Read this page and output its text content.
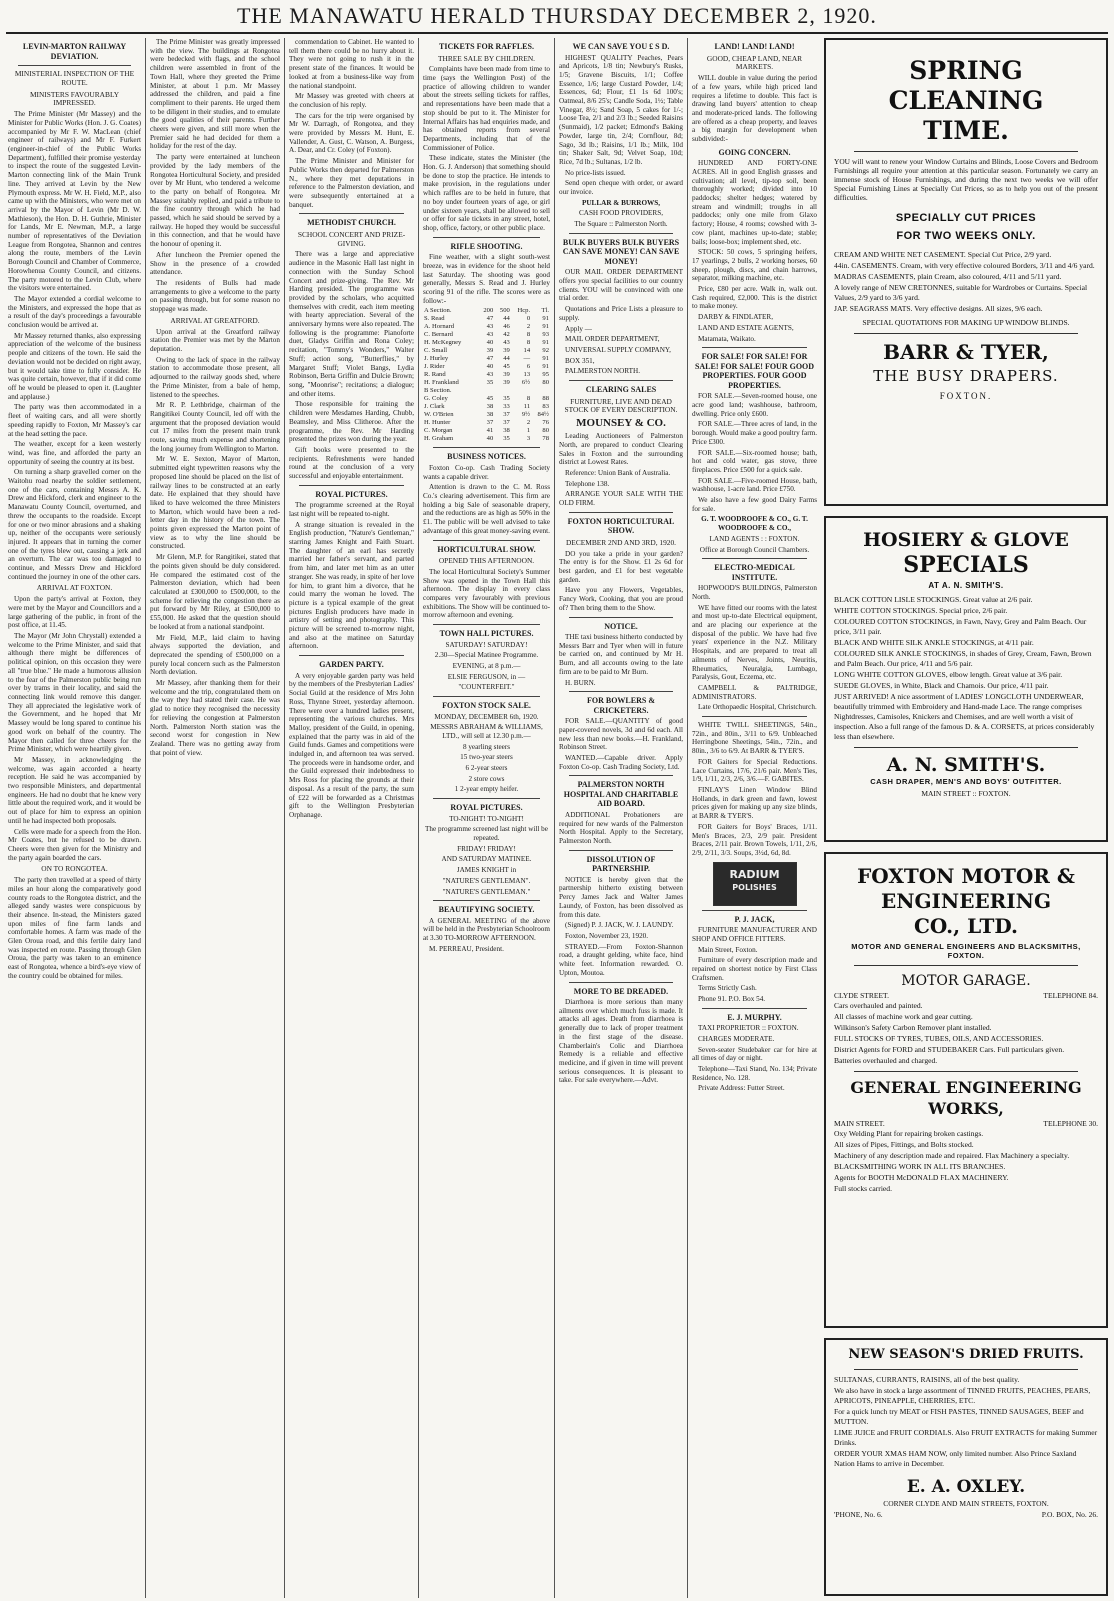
THE MANAWATU HERALD THURSDAY DECEMBER 2, 1920.
LEVIN-MARTON RAILWAY DEVIATION.
MINISTERIAL INSPECTION OF THE ROUTE.
MINISTERS FAVOURABLY IMPRESSED.

The Prime Minister (Mr Massey) and the Minister for Public Works (Hon. J. G. Coates) accompanied by Mr F. W. MacLean (chief engineer of railways) and Mr F. Furkert (engineer-in-chief of the Public Works Department), fulfilled their promise yesterday to inspect the route of the suggested Levin-Marton connecting link of the Main Trunk line. They arrived at Levin by the New Plymouth express. Mr W. H. Field, M.P., also came up with the Ministers, who were met on arrival by the Mayor of Levin (Mr D. W. Mathieson), the Hon. D. H. Guthrie, Minister for Lands, Mr E. Newman, M.P., a large number of representatives of the Deviation League from Rongotea, Shannon and centres along the route, members of the Levin Borough Council and Chamber of Commerce, Horowhenua County Council, and citizens. The party motored to the Levin Club, where the visitors were entertained.

The Mayor extended a cordial welcome to the Ministers, and expressed the hope that as a result of the day's proceedings a favourable conclusion would be arrived at.

Mr Massey returned thanks, also expressing appreciation of the welcome of the business people and citizens of the town. He said the deviation would not be decided on right away, but it would take time to fully consider. He was quite certain, however, that if it did come off he would be pleased to open it. (Laughter and applause.)

The party was then accommodated in a fleet of waiting cars, and all were shortly speeding rapidly to Foxton, Mr Massey's car at the head setting the pace.

The weather, except for a keen westerly wind, was fine, and afforded the party an opportunity of seeing the country at its best.

On turning a sharp gravelled corner on the Waitohu road nearby the soldier settlement, one of the cars, containing Messrs A. K. Drew and Hickford, clerk and engineer to the Manawatu County Council, overturned, and threw the occupants to the roadside. Except for one or two minor abrasions and a shaking up, neither of the occupants were seriously injured. It appears that in turning the corner one of the tyres blew out, causing a jerk and an overturn. The car was too damaged to continue, and Messrs Drew and Hickford continued the journey in one of the other cars.

ARRIVAL AT FOXTON.

Upon the party's arrival at Foxton, they were met by the Mayor and Councillors and a large gathering of the public, in front of the post office, at 11.45.

The Mayor (Mr John Chrystall) extended a welcome to the Prime Minister, and said that although there might be differences of political opinion, on this occasion they were all "true blue." He made a humorous allusion to the fear of the Palmerston public being run over by trams in their locality, and said the connecting link would remove this danger. They all appreciated the legislative work of the Government, and he hoped that Mr Massey would be long spared to continue his good work on behalf of the country. The Mayor then called for three cheers for the Prime Minister, which were heartily given.

Mr Massey, in acknowledging the welcome, was again accorded a hearty reception. He said he was accompanied by two responsible Ministers, and departmental engineers. He had no doubt that he knew very little about the required work, and it would be out of place for him to express an opinion until he had inspected both proposals.

Cells were made for a speech from the Hon. Mr Coates, but he refused to be drawn. Cheers were then given for the Ministry and the party again boarded the cars.

ON TO RONGOTEA.

The party then travelled at a speed of thirty miles an hour along the comparatively good county roads to the Rongotea district, and the alleged sandy wastes were conspicuous by their absence. In-stead, the Ministers gazed upon miles of fine farm lands and comfortable homes. A farm was made of the Glen Oroua road, and this fertile dairy land was inspected en route. Passing through Glen Oroua, the party was taken to an eminence east of Rongotea, whence a bird's-eye view of the country could be obtained for miles.

The Prime Minister was greatly impressed with the view. The buildings at Rongotea were bedecked with flags, and the school children were assembled in front of the Town Hall, where they greeted the Prime Minister, at about 1 p.m. Mr Massey addressed the children, and paid a fine compliment to their parents. He urged them to be diligent in their studies, and to emulate the good qualities of their parents. Further cheers were given, and still more when the Premier said he had decided for them a holiday for the rest of the day.

The party were entertained at luncheon provided by the lady members of the Rongotea Horticultural Society, and presided over by Mr Hunt, who tendered a welcome to the party on behalf of Rongotea. Mr Massey suitably replied, and paid a tribute to the fine country through which he had passed, which he said should be served by a railway. He hoped they would be successful in this connection, and that he would have the honour of opening it.

After luncheon the Premier opened the Show in the presence of a crowded attendance.

The residents of Bulls had made arrangements to give a welcome to the party on passing through, but for some reason no stoppage was made.

ARRIVAL AT GREATFORD.

Upon arrival at the Greatford railway station the Premier was met by the Marton deputation.

Owing to the lack of space in the railway station to accommodate those present, all adjourned to the railway goods shed, where the Prime Minister, from a bale of hemp, listened to the speeches.

Mr R. P. Lethbridge, chairman of the Rangitikei County Council, led off with the argument that the proposed deviation would cut 17 miles from the present main trunk route, saving much expense and shortening the long journey from Wellington to Marton.

Mr W. E. Sexton, Mayor of Marton, submitted eight typewritten reasons why the proposed line should be placed on the list of railway lines to be constructed at an early date. He explained that they should have liked to have welcomed the three Ministers to Marton, which would have been a red-letter day in the history of the town. The points given expressed the Marton point of view as to why the line should be constructed.

Mr Glenn, M.P. for Rangitikei, stated that the points given should be duly considered. He compared the estimated cost of the Palmerston deviation, which had been calculated at £300,000 to £500,000, to the scheme for relieving the congestion there as put forward by Mr Riley, at £500,000 to £55,000. He asked that the question should be looked at from a national standpoint.

Mr Field, M.P., laid claim to having always supported the deviation, and deprecated the spending of £500,000 on a purely local concern such as the Palmerston North deviation.

Mr Massey, after thanking them for their welcome and the trip, congratulated them on the way they had stated their case. He was glad to notice they recognised the necessity for relieving the congestion at Palmerston North. Palmerston North station was the second worst for congestion in New Zealand. There was no getting away from that point of view.

commendation to Cabinet. He wanted to tell them there could be no hurry about it. They were not going to rush it in the present state of the finances. It would be looked at from a business-like way from the national standpoint.

Mr Massey was greeted with cheers at the conclusion of his reply.

The cars for the trip were organised by Mr W. Darragh, of Rongotea, and they were provided by Messrs M. Hunt, E. Vallender, A. Gust, C. Watson, A. Burgess, A. Dear, and Cr. Coley (of Foxton).

The Prime Minister and Minister for Public Works then departed for Palmerston N., where they met deputations in reference to the Palmerston deviation, and were subsequently entertained at a banquet.

METHODIST CHURCH.
SCHOOL CONCERT AND PRIZE-GIVING.

There was a large and appreciative audience in the Masonic Hall last night in connection with the Sunday School Concert and prize-giving. The Rev. Mr Harding presided. The programme was provided by the scholars, who acquitted themselves with credit, each item meeting with hearty appreciation. Several of the anniversary hymns were also repeated. The following is the programme: Pianoforte duet, Gladys Griffin and Rona Coley; recitation, "Tommy's Wonders," Walter Stuff; action song, "Butterflies," by Margaret Stuff; Violet Bangs, Lydia Robinson, Berta Griffin and Dulcie Brown; song, "Moonrise"; recitations; a dialogue; and other items.

Those responsible for training the children were Mesdames Harding, Chubb, Beamsley, and Miss Clitheroe. After the programme, the Rev. Mr Harding presented the prizes won during the year.

Gift books were presented to the recipients. Refreshments were handed round at the conclusion of a very successful and enjoyable entertainment.

ROYAL PICTURES.

The programme screened at the Royal last night will be repeated to-night.

A strange situation is revealed in the English production, "Nature's Gentleman," starring James Knight and Faith Stuart. The daughter of an earl has secretly married her father's servant, and parted from him, and later met him as an utter stranger. She was ready, in spite of her love for him, to grant him a divorce, that he could marry the woman he loved. The picture is a typical example of the great pictures English producers have made in artistry of setting and photography. This picture will be screened to-morrow night, and also at the matinee on Saturday afternoon.

GARDEN PARTY.

A very enjoyable garden party was held by the members of the Presbyterian Ladies' Social Guild at the residence of Mrs John Ross, Thynne Street, yesterday afternoon. There were over a hundred ladies present, representing the various churches. Mrs Malloy, president of the Guild, in opening, explained that the party was in aid of the Guild funds. Games and competitions were indulged in, and afternoon tea was served. The proceeds were in handsome order, and the Guild expressed their indebtedness to Mrs Ross for placing the grounds at their disposal. As a result of the party, the sum of £22 will be forwarded as a Christmas gift to the Wellington Presbyterian Orphanage.

TICKETS FOR RAFFLES.
THREE SALE BY CHILDREN.

Complaints have been made from time to time (says the Wellington Post) of the practice of allowing children to wander about the streets selling tickets for raffles, and representations have been made that a stop should be put to it. The Minister for Internal Affairs has had enquiries made, and has obtained reports from several Departments, including that of the Commissioner of Police.

These indicate, states the Minister (the Hon. G. J. Anderson) that something should be done to stop the practice. He intends to make provision, in the regulations under which raffles are to be held in future, that no boy under fourteen years of age, or girl under sixteen years, shall be allowed to sell or offer for sale tickets in any street, hotel, shop, office, factory, or other public place.

RIFLE SHOOTING.

Fine weather, with a slight south-west breeze, was in evidence for the shoot held last Saturday. The shooting was good generally, Messrs S. Read and J. Hurley scoring 91 of the rifle. The scores were as follow:-

A Section.	200	500	Hcp.	Tl.
S. Read	47	44	0	91
A. Hornard	43	46	2	91
C. Bernard	43	42	8	93
H. McKegney	40	43	8	91
C. Small	39	39	14	92
J. Hurley	47	44	—	91
J. Rider	40	45	6	91
R. Rand	43	39	13	95
H. Frankland	35	39	6½	80
B Section.				
G. Coley	45	35	8	88
J. Clark	38	33	11	83
W. O'Brien	38	37	9½	84½
H. Hunter	37	37	2	76
C. Morgan	41	38	1	80
H. Graham	40	35	3	78
BUSINESS NOTICES.

Foxton Co-op. Cash Trading Society wants a capable driver.

Attention is drawn to the C. M. Ross Co.'s clearing advertisement. This firm are holding a big Sale of seasonable drapery, and the reductions are as high as 50% in the £1. The public will be well advised to take advantage of this great money-saving event.

HORTICULTURAL SHOW.
OPENED THIS AFTERNOON.

The local Horticultural Society's Summer Show was opened in the Town Hall this afternoon. The display in every class compares very favourably with previous exhibitions. The Show will be continued to-morrow afternoon and evening.

TOWN HALL PICTURES.

SATURDAY! SATURDAY!

2.30—Special Matinee Programme.

EVENING, at 8 p.m.—

ELSIE FERGUSON, in —

"COUNTERFEIT."

FOXTON STOCK SALE.

MONDAY, DECEMBER 6th, 1920.

MESSRS ABRAHAM & WILLIAMS, LTD., will sell at 12.30 p.m.—

8 yearling steers

15 two-year steers

6 2-year steers

2 store cows

1 2-year empty heifer.

ROYAL PICTURES.

TO-NIGHT! TO-NIGHT!

The programme screened last night will be repeated.

FRIDAY! FRIDAY!

AND SATURDAY MATINEE.

JAMES KNIGHT in

"NATURE'S GENTLEMAN".

"NATURE'S GENTLEMAN."

BEAUTIFYING SOCIETY.

A GENERAL MEETING of the above will be held in the Presbyterian Schoolroom at 3.30 TO-MORROW AFTERNOON.

M. PERREAU, President.

WE CAN SAVE YOU £ S D.

HIGHEST QUALITY Peaches, Pears and Apricots, 1/8 tin; Newbury's Rusks, 1/5; Gravene Biscuits, 1/1; Coffee Essence, 1/6; large Custard Powder, 1/4; Essences, 6d; Flour, £1 1s 6d 100's; Oatmeal, 8/6 25's; Candle Soda, 1½; Table Vinegar, 8½; Sand Soap, 5 cakes for 1/-; Loose Tea, 2/1 and 2/3 lb.; Seeded Raisins (Sunmaid), 1/2 packet; Edmond's Baking Powder, large tin, 2/4; Cornflour, 8d; Sago, 3d lb.; Raisins, 1/1 lb.; Milk, 10d tin; Shaker Salt, 9d; Velvet Soap, 10d; Rice, 7d lb.; Sultanas, 1/2 lb.

No price-lists issued.

Send open cheque with order, or award our invoice.

PULLAR & BURROWS,

CASH FOOD PROVIDERS,

The Square :: Palmerston North.

BULK BUYERS BULK BUYERS CAN SAVE MONEY! CAN SAVE MONEY!

OUR MAIL ORDER DEPARTMENT offers you special facilities to our country clients. YOU will be convinced with one trial order.

Quotations and Price Lists a pleasure to supply.

Apply —

MAIL ORDER DEPARTMENT,

UNIVERSAL SUPPLY COMPANY,

BOX 351,

PALMERSTON NORTH.

CLEARING SALES
FURNITURE, LIVE AND DEAD STOCK OF EVERY DESCRIPTION.

MOUNSEY & CO.

Leading Auctioneers of Palmerston North, are prepared to conduct Clearing Sales in Foxton and the surrounding district at Lowest Rates.

Reference: Union Bank of Australia.

Telephone 138.

ARRANGE YOUR SALE WITH THE OLD FIRM.

FOXTON HORTICULTURAL SHOW.
DECEMBER 2ND AND 3RD, 1920.

DO you take a pride in your garden? The entry is for the Show. £1 2s 6d for best garden, and £1 for best vegetable garden.

Have you any Flowers, Vegetables, Fancy Work, Cooking, that you are proud of? Then bring them to the Show.

NOTICE.

THE taxi business hitherto conducted by Messrs Barr and Tyer when will in future be carried on, and continued by Mr H. Burn, and all accounts owing to the late firm are to be paid to Mr Burn.

H. BURN.

FOR BOWLERS & CRICKETERS.

FOR SALE.—QUANTITY of good paper-covered novels, 3d and 6d each. All new less than new books.—H. Frankland, Robinson Street.

WANTED.—Capable driver. Apply Foxton Co-op. Cash Trading Society, Ltd.

PALMERSTON NORTH HOSPITAL AND CHARITABLE AID BOARD.

ADDITIONAL Probationers are required for new wards of the Palmerston North Hospital. Apply to the Secretary, Palmerston North.

DISSOLUTION OF PARTNERSHIP.

NOTICE is hereby given that the partnership hitherto existing between Percy James Jack and Walter James Laundy, of Foxton, has been dissolved as from this date.

(Signed) P. J. JACK, W. J. LAUNDY.

Foxton, November 23, 1920.

STRAYED.—From Foxton-Shannon road, a draught gelding, white face, hind white feet. Information rewarded. O. Upton, Moutoa.

MORE TO BE DREADED.

Diarrhoea is more serious than many ailments over which much fuss is made. It attacks all ages. Death from diarrhoea is generally due to lack of proper treatment in the first stage of the disease. Chamberlain's Colic and Diarrhoea Remedy is a reliable and effective medicine, and if given in time will prevent serious consequences. It is pleasant to take. For sale everywhere.—Advt.

LAND! LAND! LAND!
GOOD, CHEAP LAND, NEAR MARKETS.

WILL double in value during the period of a few years, while high priced land requires a lifetime to double. This fact is drawing land buyers' attention to cheap and moderate-priced lands. The following are offered as a cheap property, and leaves a big margin for development when subdivided:-

GOING CONCERN.

HUNDRED AND FORTY-ONE ACRES. All in good English grasses and cultivation; all level, tip-top soil, been thoroughly worked; divided into 10 paddocks; shelter hedges; watered by stream and windmill; troughs in all paddocks; only one mile from Glaxo factory; House, 4 rooms; cowshed with 3-cow plant, machines up-to-date; stable; bails; loose-box; implement shed, etc.

STOCK: 50 cows, 5 springing heifers, 17 yearlings, 2 bulls, 2 working horses, 60 sheep, plough, discs, and chain harrows, separator, milking machine, etc.

Price, £80 per acre. Walk in, walk out. Cash required, £2,000. This is the district to make money.

DARBY & FINDLATER,

LAND AND ESTATE AGENTS,

Matamata, Waikato.

FOR SALE! FOR SALE! FOR SALE! FOR SALE! FOUR GOOD PROPERTIES. FOUR GOOD PROPERTIES.

FOR SALE.—Seven-roomed house, one acre good land; washhouse, bathroom, dwelling. Price only £600.

FOR SALE.—Three acres of land, in the borough. Would make a good poultry farm. Price £300.

FOR SALE.—Six-roomed house; bath, hot and cold water, gas stove, three fireplaces. Price £500 for a quick sale.

FOR SALE.—Five-roomed House, bath, washhouse, 1-acre land. Price £750.

We also have a few good Dairy Farms for sale.

G. T. WOODROOFE & CO., G. T. WOODROOFE & CO.,

LAND AGENTS : : FOXTON.

Office at Borough Council Chambers.

ELECTRO-MEDICAL INSTITUTE.

HOPWOOD'S BUILDINGS, Palmerston North.

WE have fitted our rooms with the latest and most up-to-date Electrical equipment, and are placing our experience at the disposal of the public. We have had five years' experience in the N.Z. Military Hospitals, and are prepared to treat all ailments of Nerves, Joints, Neuritis, Rheumatics, Neuralgia, Lumbago, Paralysis, Gout, Eczema, etc.

CAMPBELL & PALTRIDGE, ADMINISTRATORS.

Late Orthopaedic Hospital, Christchurch.

WHITE TWILL SHEETINGS, 54in., 72in., and 80in., 3/11 to 6/9. Unbleached Herringbone Sheetings, 54in., 72in., and 80in., 3/6 to 6/9. At BARR & TYER'S.

FOR Gaiters for Special Reductions. Lace Curtains, 17/6, 21/6 pair. Men's Ties, 1/9, 1/11, 2/3, 2/6, 3/6.—F. GABITES.

FINLAY'S Linen Window Blind Hollands, in dark green and fawn, lowest prices given for making up any size blinds, at BARR & TYER'S.

FOR Gaiters for Boys' Braces, 1/11. Men's Braces, 2/3, 2/9 pair. President Braces, 2/11 pair. Brown Towels, 1/11, 2/6, 2/9, 2/11, 3/3. Soups, 3½d, 6d, 8d.

RADIUM
POLISHES
P. J. JACK,

FURNITURE MANUFACTURER AND SHOP AND OFFICE FITTERS.

Main Street, Foxton.

Furniture of every description made and repaired on shortest notice by First Class Craftsmen.

Terms Strictly Cash.

Phone 91. P.O. Box 54.

E. J. MURPHY.

TAXI PROPRIETOR :: FOXTON.

CHARGES MODERATE.

Seven-seater Studebaker car for hire at all times of day or night.

Telephone—Taxi Stand, No. 134; Private Residence, No. 128.

Private Address: Futter Street.

SPRING CLEANING
TIME.
YOU will want to renew your Window Curtains and Blinds, Loose Covers and Bedroom Furnishings all require your attention at this particular season. Fortunately we carry an immense stock of House Furnishings, and during the next two weeks we will offer Special Furnishing Lines at Specially Cut Prices, so as to help you out of the present difficulties.
SPECIALLY CUT PRICES
FOR TWO WEEKS ONLY.
CREAM AND WHITE NET CASEMENT. Special Cut Price, 2/9 yard.
44in. CASEMENTS. Cream, with very effective coloured Borders, 3/11 and 4/6 yard.
MADRAS CASEMENTS, plain Cream, also coloured, 4/11 and 5/11 yard.
A lovely range of NEW CRETONNES, suitable for Wardrobes or Curtains. Special Values, 2/9 yard to 3/6 yard.
JAP. SEAGRASS MATS. Very effective designs. All sizes, 9/6 each.
SPECIAL QUOTATIONS FOR MAKING UP WINDOW BLINDS.
BARR & TYER,
THE BUSY DRAPERS.
FOXTON.
HOSIERY & GLOVE
SPECIALS
AT A. N. SMITH'S.
BLACK COTTON LISLE STOCKINGS. Great value at 2/6 pair.
WHITE COTTON STOCKINGS. Special price, 2/6 pair.
COLOURED COTTON STOCKINGS, in Fawn, Navy, Grey and Palm Beach. Our price, 3/11 pair.
BLACK AND WHITE SILK ANKLE STOCKINGS, at 4/11 pair.
COLOURED SILK ANKLE STOCKINGS, in shades of Grey, Cream, Fawn, Brown and Palm Beach. Our price, 4/11 and 5/6 pair.
LONG WHITE COTTON GLOVES, elbow length. Great value at 3/6 pair.
SUEDE GLOVES, in White, Black and Chamois. Our price, 4/11 pair.
JUST ARRIVED! A nice assortment of LADIES' LONGCLOTH UNDERWEAR, beautifully trimmed with Embroidery and Hand-made Lace. The range comprises Nightdresses, Camisoles, Knickers and Chemises, and are well worth a visit of inspection. Also a full range of the famous D. & A. CORSETS, at prices considerably less than elsewhere.
A. N. SMITH'S.
CASH DRAPER, MEN'S AND BOYS' OUTFITTER.
MAIN STREET :: FOXTON.
FOXTON MOTOR &
ENGINEERING
CO., LTD.
MOTOR AND GENERAL ENGINEERS AND BLACKSMITHS, FOXTON.
MOTOR GARAGE.
CLYDE STREET.	TELEPHONE 84.
Cars overhauled and painted.
All classes of machine work and gear cutting.
Wilkinson's Safety Carbon Remover plant installed.
FULL STOCKS OF TYRES, TUBES, OILS, AND ACCESSORIES.
District Agents for FORD and STUDEBAKER Cars. Full particulars given.
Batteries overhauled and charged.
GENERAL ENGINEERING
WORKS,
MAIN STREET.	TELEPHONE 30.
Oxy Welding Plant for repairing broken castings.
All sizes of Pipes, Fittings, and Bolts stocked.
Machinery of any description made and repaired. Flax Machinery a specialty.
BLACKSMITHING WORK IN ALL ITS BRANCHES.
Agents for BOOTH McDONALD FLAX MACHINERY.
Full stocks carried.
NEW SEASON'S DRIED FRUITS.
SULTANAS, CURRANTS, RAISINS, all of the best quality.
We also have in stock a large assortment of TINNED FRUITS, PEACHES, PEARS, APRICOTS, PINEAPPLE, CHERRIES, ETC.
For a quick lunch try MEAT or FISH PASTES, TINNED SAUSAGES, BEEF and MUTTON.
LIME JUICE and FRUIT CORDIALS. Also FRUIT EXTRACTS for making Summer Drinks.
ORDER YOUR XMAS HAM NOW, only limited number. Also Prince Saxland Nation Hams to arrive in December.
E. A. OXLEY.
CORNER CLYDE AND MAIN STREETS, FOXTON.
'PHONE, No. 6.	P.O. BOX, No. 26.
